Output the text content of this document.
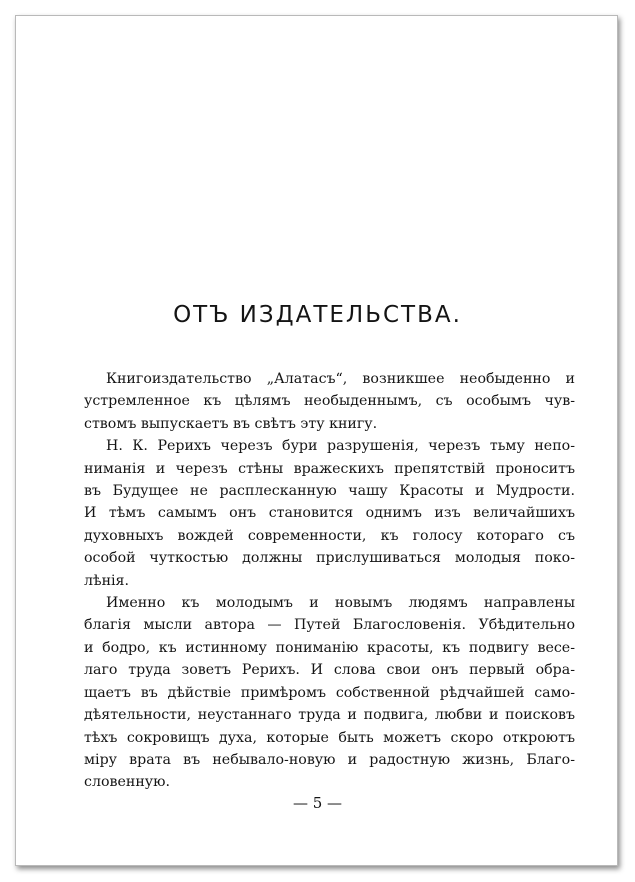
ОТЪ ИЗДАТЕЛЬСТВА.
Книгоиздательство „Алатасъ“, возникшее необыденно и
устремленное къ цѣлямъ необыденнымъ, съ особымъ чув-
ствомъ выпускаетъ въ свѣтъ эту книгу.
Н. К. Рерихъ черезъ бури разрушенія, черезъ тьму непо-
ниманія и черезъ стѣны вражескихъ препятствій проноситъ
въ Будущее не расплесканную чашу Красоты и Мудрости.
И тѣмъ самымъ онъ становится однимъ изъ величайшихъ
духовныхъ вождей современности, къ голосу котораго съ
особой чуткостью должны прислушиваться молодыя поко-
лѣнія.
Именно къ молодымъ и новымъ людямъ направлены
благія мысли автора — Путей Благословенія. Убѣдительно
и бодро, къ истинному пониманію красоты, къ подвигу весе-
лаго труда зоветъ Рерихъ. И слова свои онъ первый обра-
щаетъ въ дѣйствіе примѣромъ собственной рѣдчайшей само-
дѣятельности, неустаннаго труда и подвига, любви и поисковъ
тѣхъ сокровищъ духа, которые быть можетъ скоро откроютъ
міру врата въ небывало-новую и радостную жизнь, Благо-
словенную.
— 5 —
